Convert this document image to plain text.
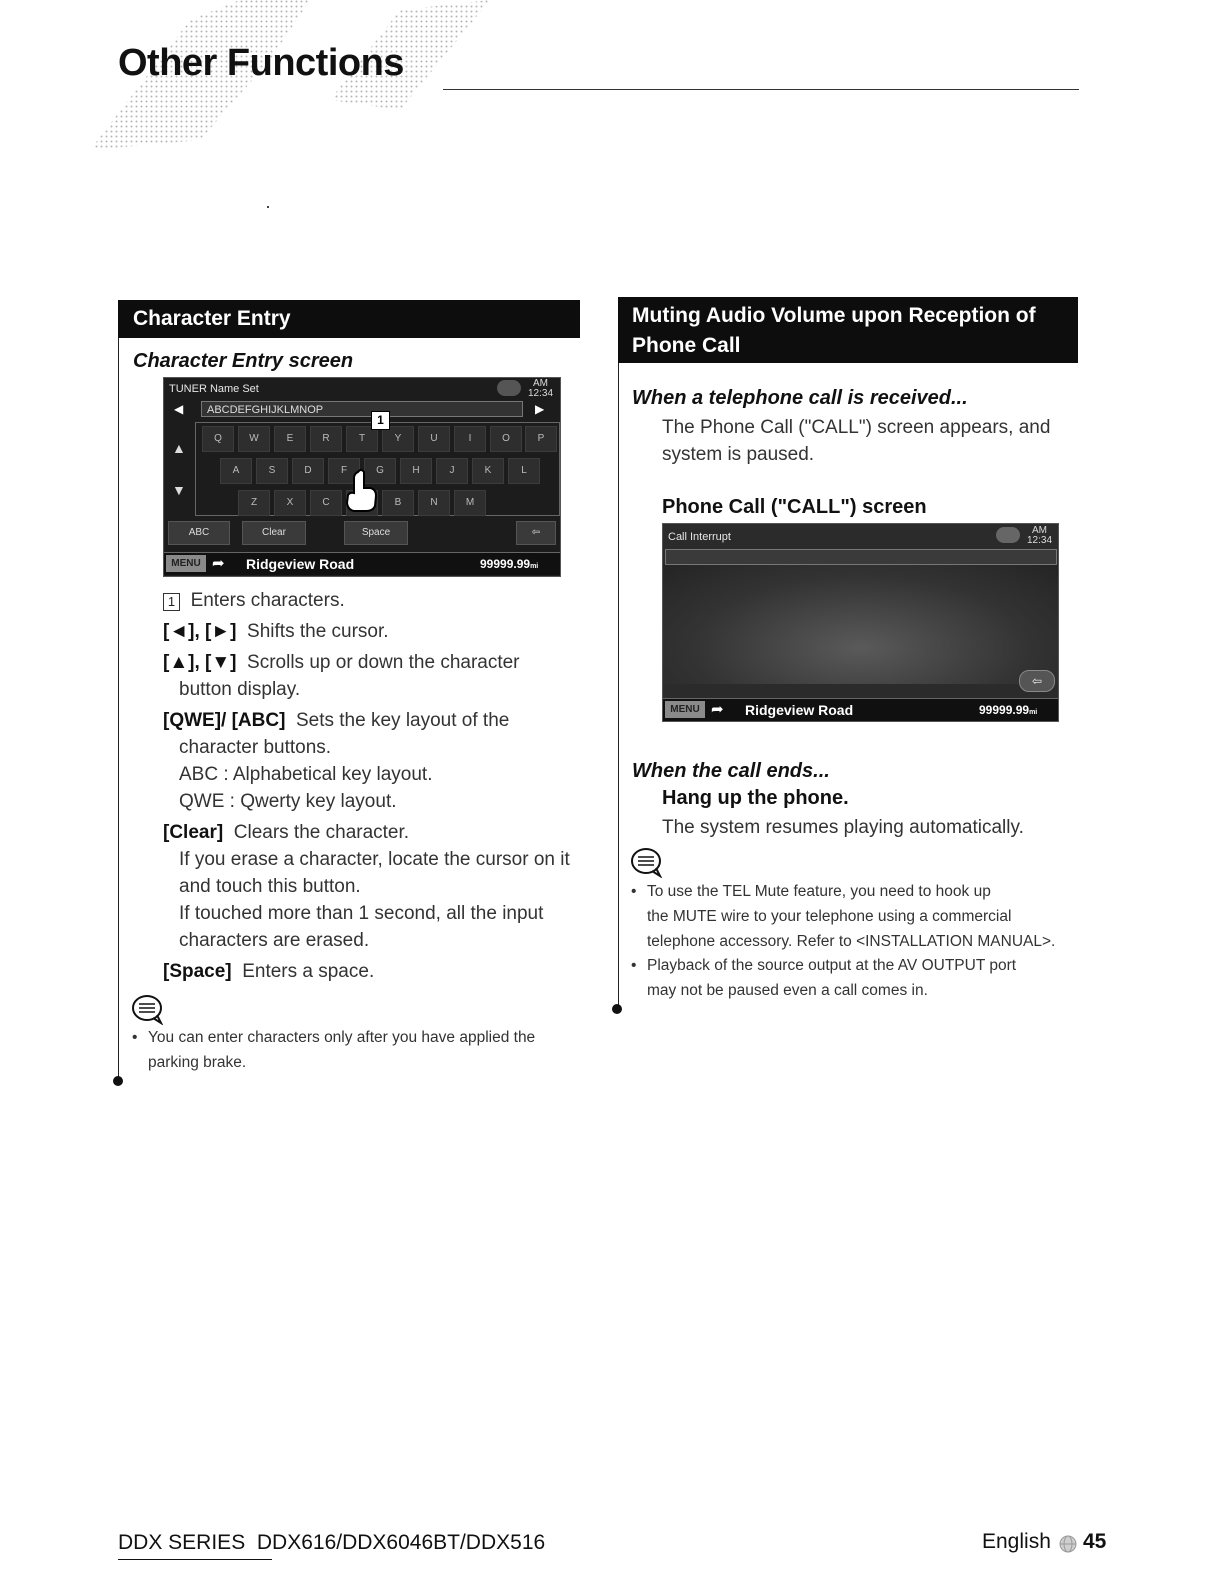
Other Functions
Character Entry
Character Entry screen
TUNER Name Set	AM
12:34
◀	ABCDEFGHIJKLMNOP	▶
▲
▼
Q	W	E	R	T	Y	U	I	O	P
A	S	D	F	G	H	J	K	L
Z	X	C	B	N	M
1
ABC	Clear	Space	⇦
MENU ➦ Ridgeview Road	99999.99mi
1 Enters characters.
[◄], [►] Shifts the cursor.
[▲], [▼] Scrolls up or down the character
button display.
[QWE]/ [ABC] Sets the key layout of the
character buttons.
ABC : Alphabetical key layout.
QWE : Qwerty key layout.
[Clear] Clears the character.
If you erase a character, locate the cursor on it
and touch this button.
If touched more than 1 second, all the input
characters are erased.
[Space] Enters a space.
• You can enter characters only after you have applied the
parking brake.
Muting Audio Volume upon Reception of
Phone Call
When a telephone call is received...
The Phone Call ("CALL") screen appears, and
system is paused.
Phone Call ("CALL") screen
Call Interrupt
AM
12:34
⇦
MENU ➦ Ridgeview Road	99999.99mi
When the call ends...
Hang up the phone.
The system resumes playing automatically.
• To use the TEL Mute feature, you need to hook up
the MUTE wire to your telephone using a commercial
telephone accessory. Refer to <INSTALLATION MANUAL>.
• Playback of the source output at the AV OUTPUT port
may not be paused even a call comes in.
DDX SERIES DDX616/DDX6046BT/DDX516	English 45
